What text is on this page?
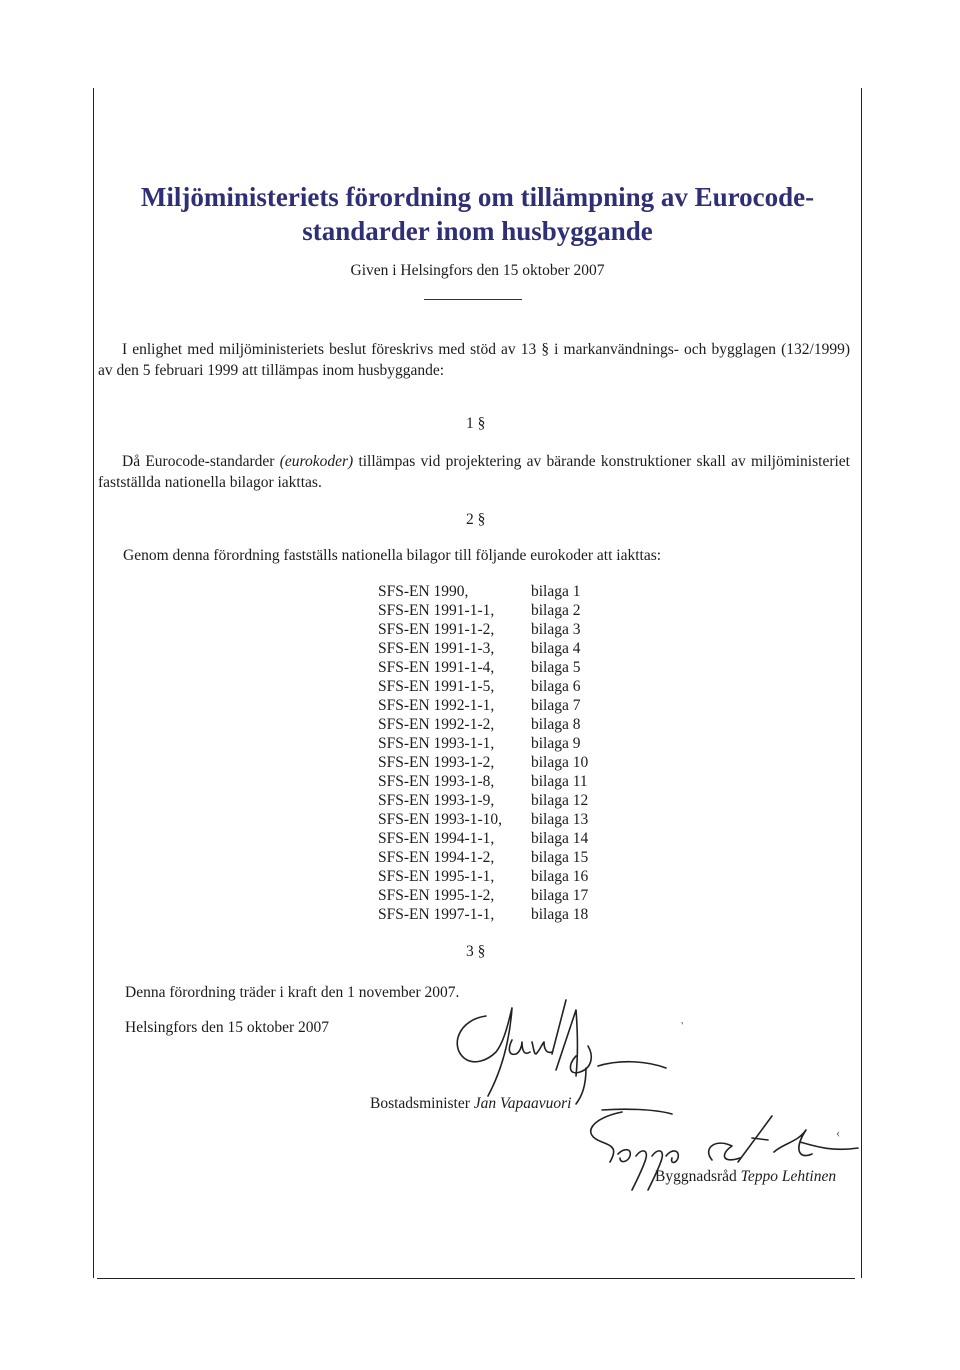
Miljöministeriets förordning om tillämpning av Eurocode-
standarder inom husbyggande
Given i Helsingfors den 15 oktober 2007

I enlighet med miljöministeriets beslut föreskrivs med stöd av 13 § i markanvändnings- och bygglagen (132/1999) av den 5 februari 1999 att tillämpas inom husbyggande:

1 §

Då Eurocode-standarder (eurokoder) tillämpas vid projektering av bärande konstruktioner skall av miljöministeriet fastställda nationella bilagor iakttas.

2 §

Genom denna förordning fastställs nationella bilagor till följande eurokoder att iakttas:

SFS-EN 1990,	bilaga 1
SFS-EN 1991-1-1,	bilaga 2
SFS-EN 1991-1-2,	bilaga 3
SFS-EN 1991-1-3,	bilaga 4
SFS-EN 1991-1-4,	bilaga 5
SFS-EN 1991-1-5,	bilaga 6
SFS-EN 1992-1-1,	bilaga 7
SFS-EN 1992-1-2,	bilaga 8
SFS-EN 1993-1-1,	bilaga 9
SFS-EN 1993-1-2,	bilaga 10
SFS-EN 1993-1-8,	bilaga 11
SFS-EN 1993-1-9,	bilaga 12
SFS-EN 1993-1-10,	bilaga 13
SFS-EN 1994-1-1,	bilaga 14
SFS-EN 1994-1-2,	bilaga 15
SFS-EN 1995-1-1,	bilaga 16
SFS-EN 1995-1-2,	bilaga 17
SFS-EN 1997-1-1,	bilaga 18
3 §

Denna förordning träder i kraft den 1 november 2007.

Helsingfors den 15 oktober 2007	˺
Bostadsminister Jan Vapaavuori
‹
Byggnadsråd Teppo Lehtinen
